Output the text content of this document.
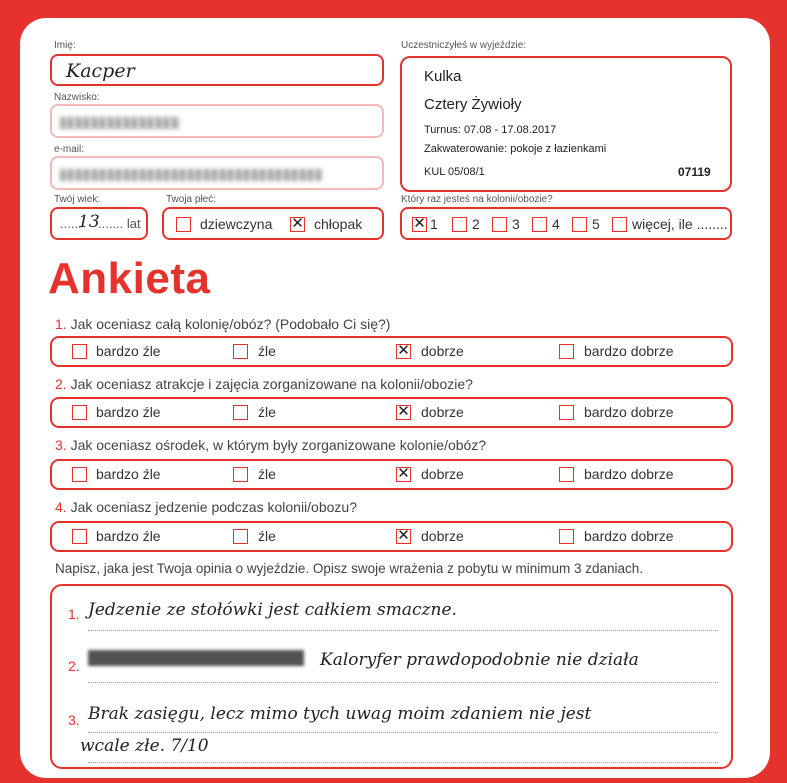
Imię:
Kacper
Nazwisko:
e-mail:
Twój wiek:
......
13
....... lat
Twoja płeć:
dziewczyna ✕ chłopak
Uczestniczyłeś w wyjeździe:
Kulka
Cztery Żywioły
Turnus: 07.08 - 17.08.2017
Zakwaterowanie: pokoje z łazienkami
KUL 05/08/1	07119
Który raz jesteś na kolonii/obozie?
✕ 1 2 3 4 5 więcej, ile ........
Ankieta
1. Jak oceniasz całą kolonię/obóz? (Podobało Ci się?)
bardzo źle	źle	✕ dobrze	bardzo dobrze
2. Jak oceniasz atrakcje i zajęcia zorganizowane na kolonii/obozie?
bardzo źle	źle	✕ dobrze	bardzo dobrze
3. Jak oceniasz ośrodek, w którym były zorganizowane kolonie/obóz?
bardzo źle	źle	✕ dobrze	bardzo dobrze
4. Jak oceniasz jedzenie podczas kolonii/obozu?
bardzo źle	źle	✕ dobrze	bardzo dobrze
Napisz, jaka jest Twoja opinia o wyjeździe. Opisz swoje wrażenia z pobytu w minimum 3 zdaniach.
1. Jedzenie ze stołówki jest całkiem smaczne.
2.	Kaloryfer prawdopodobnie nie działa
3. Brak zasięgu, lecz mimo tych uwag moim zdaniem nie jest
wcale złe. 7/10
